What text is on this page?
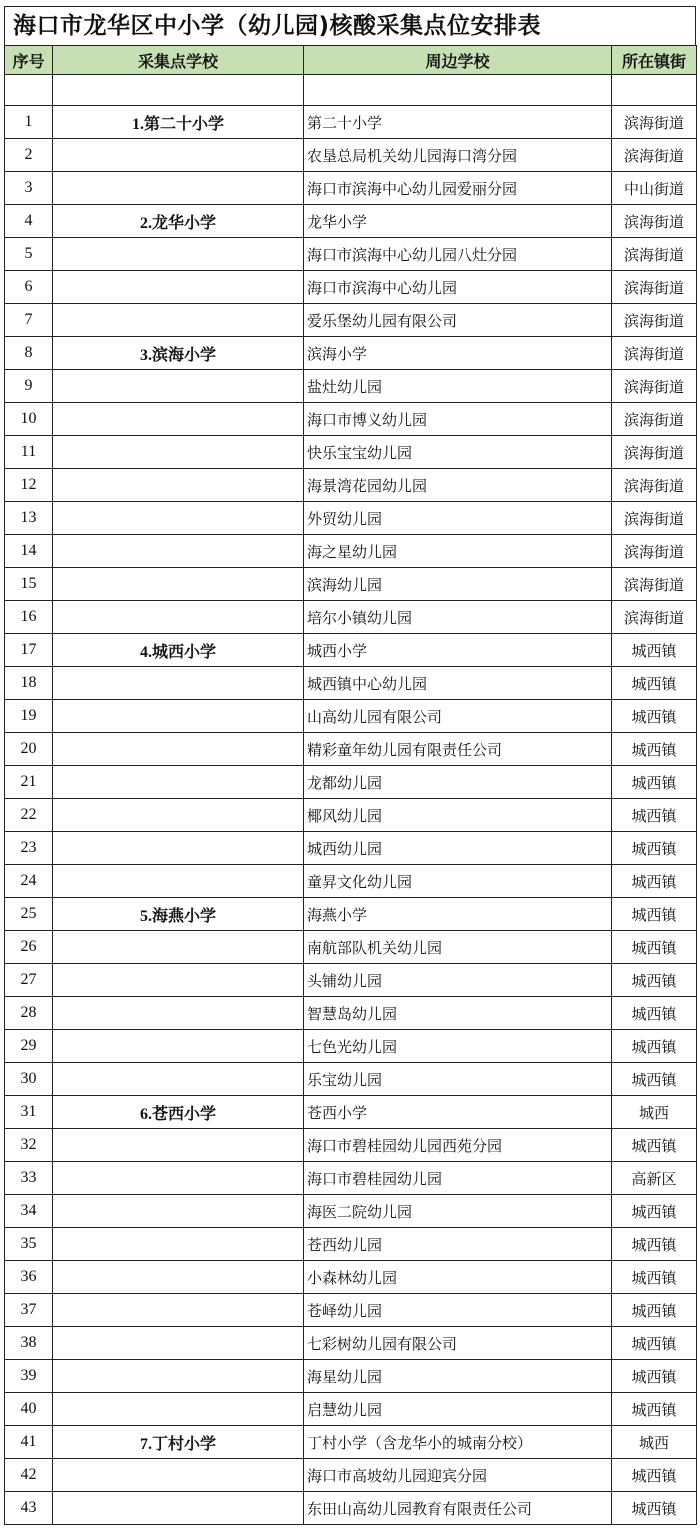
海口市龙华区中小学（幼儿园)核酸采集点位安排表
序号	采集点学校	周边学校	所在镇街

1	1.第二十小学	第二十小学	滨海街道
2		农垦总局机关幼儿园海口湾分园	滨海街道
3		海口市滨海中心幼儿园爱丽分园	中山街道
4	2.龙华小学	龙华小学	滨海街道
5		海口市滨海中心幼儿园八灶分园	滨海街道
6		海口市滨海中心幼儿园	滨海街道
7		爱乐堡幼儿园有限公司	滨海街道
8	3.滨海小学	滨海小学	滨海街道
9		盐灶幼儿园	滨海街道
10		海口市博义幼儿园	滨海街道
11		快乐宝宝幼儿园	滨海街道
12		海景湾花园幼儿园	滨海街道
13		外贸幼儿园	滨海街道
14		海之星幼儿园	滨海街道
15		滨海幼儿园	滨海街道
16		培尔小镇幼儿园	滨海街道
17	4.城西小学	城西小学	城西镇
18		城西镇中心幼儿园	城西镇
19		山高幼儿园有限公司	城西镇
20		精彩童年幼儿园有限责任公司	城西镇
21		龙都幼儿园	城西镇
22		椰风幼儿园	城西镇
23		城西幼儿园	城西镇
24		童昇文化幼儿园	城西镇
25	5.海燕小学	海燕小学	城西镇
26		南航部队机关幼儿园	城西镇
27		头铺幼儿园	城西镇
28		智慧岛幼儿园	城西镇
29		七色光幼儿园	城西镇
30		乐宝幼儿园	城西镇
31	6.苍西小学	苍西小学	城西
32		海口市碧桂园幼儿园西苑分园	城西镇
33		海口市碧桂园幼儿园	高新区
34		海医二院幼儿园	城西镇
35		苍西幼儿园	城西镇
36		小森林幼儿园	城西镇
37		苍峄幼儿园	城西镇
38		七彩树幼儿园有限公司	城西镇
39		海星幼儿园	城西镇
40		启慧幼儿园	城西镇
41	7.丁村小学	丁村小学（含龙华小的城南分校）	城西
42		海口市高坡幼儿园迎宾分园	城西镇
43		东田山高幼儿园教育有限责任公司	城西镇
